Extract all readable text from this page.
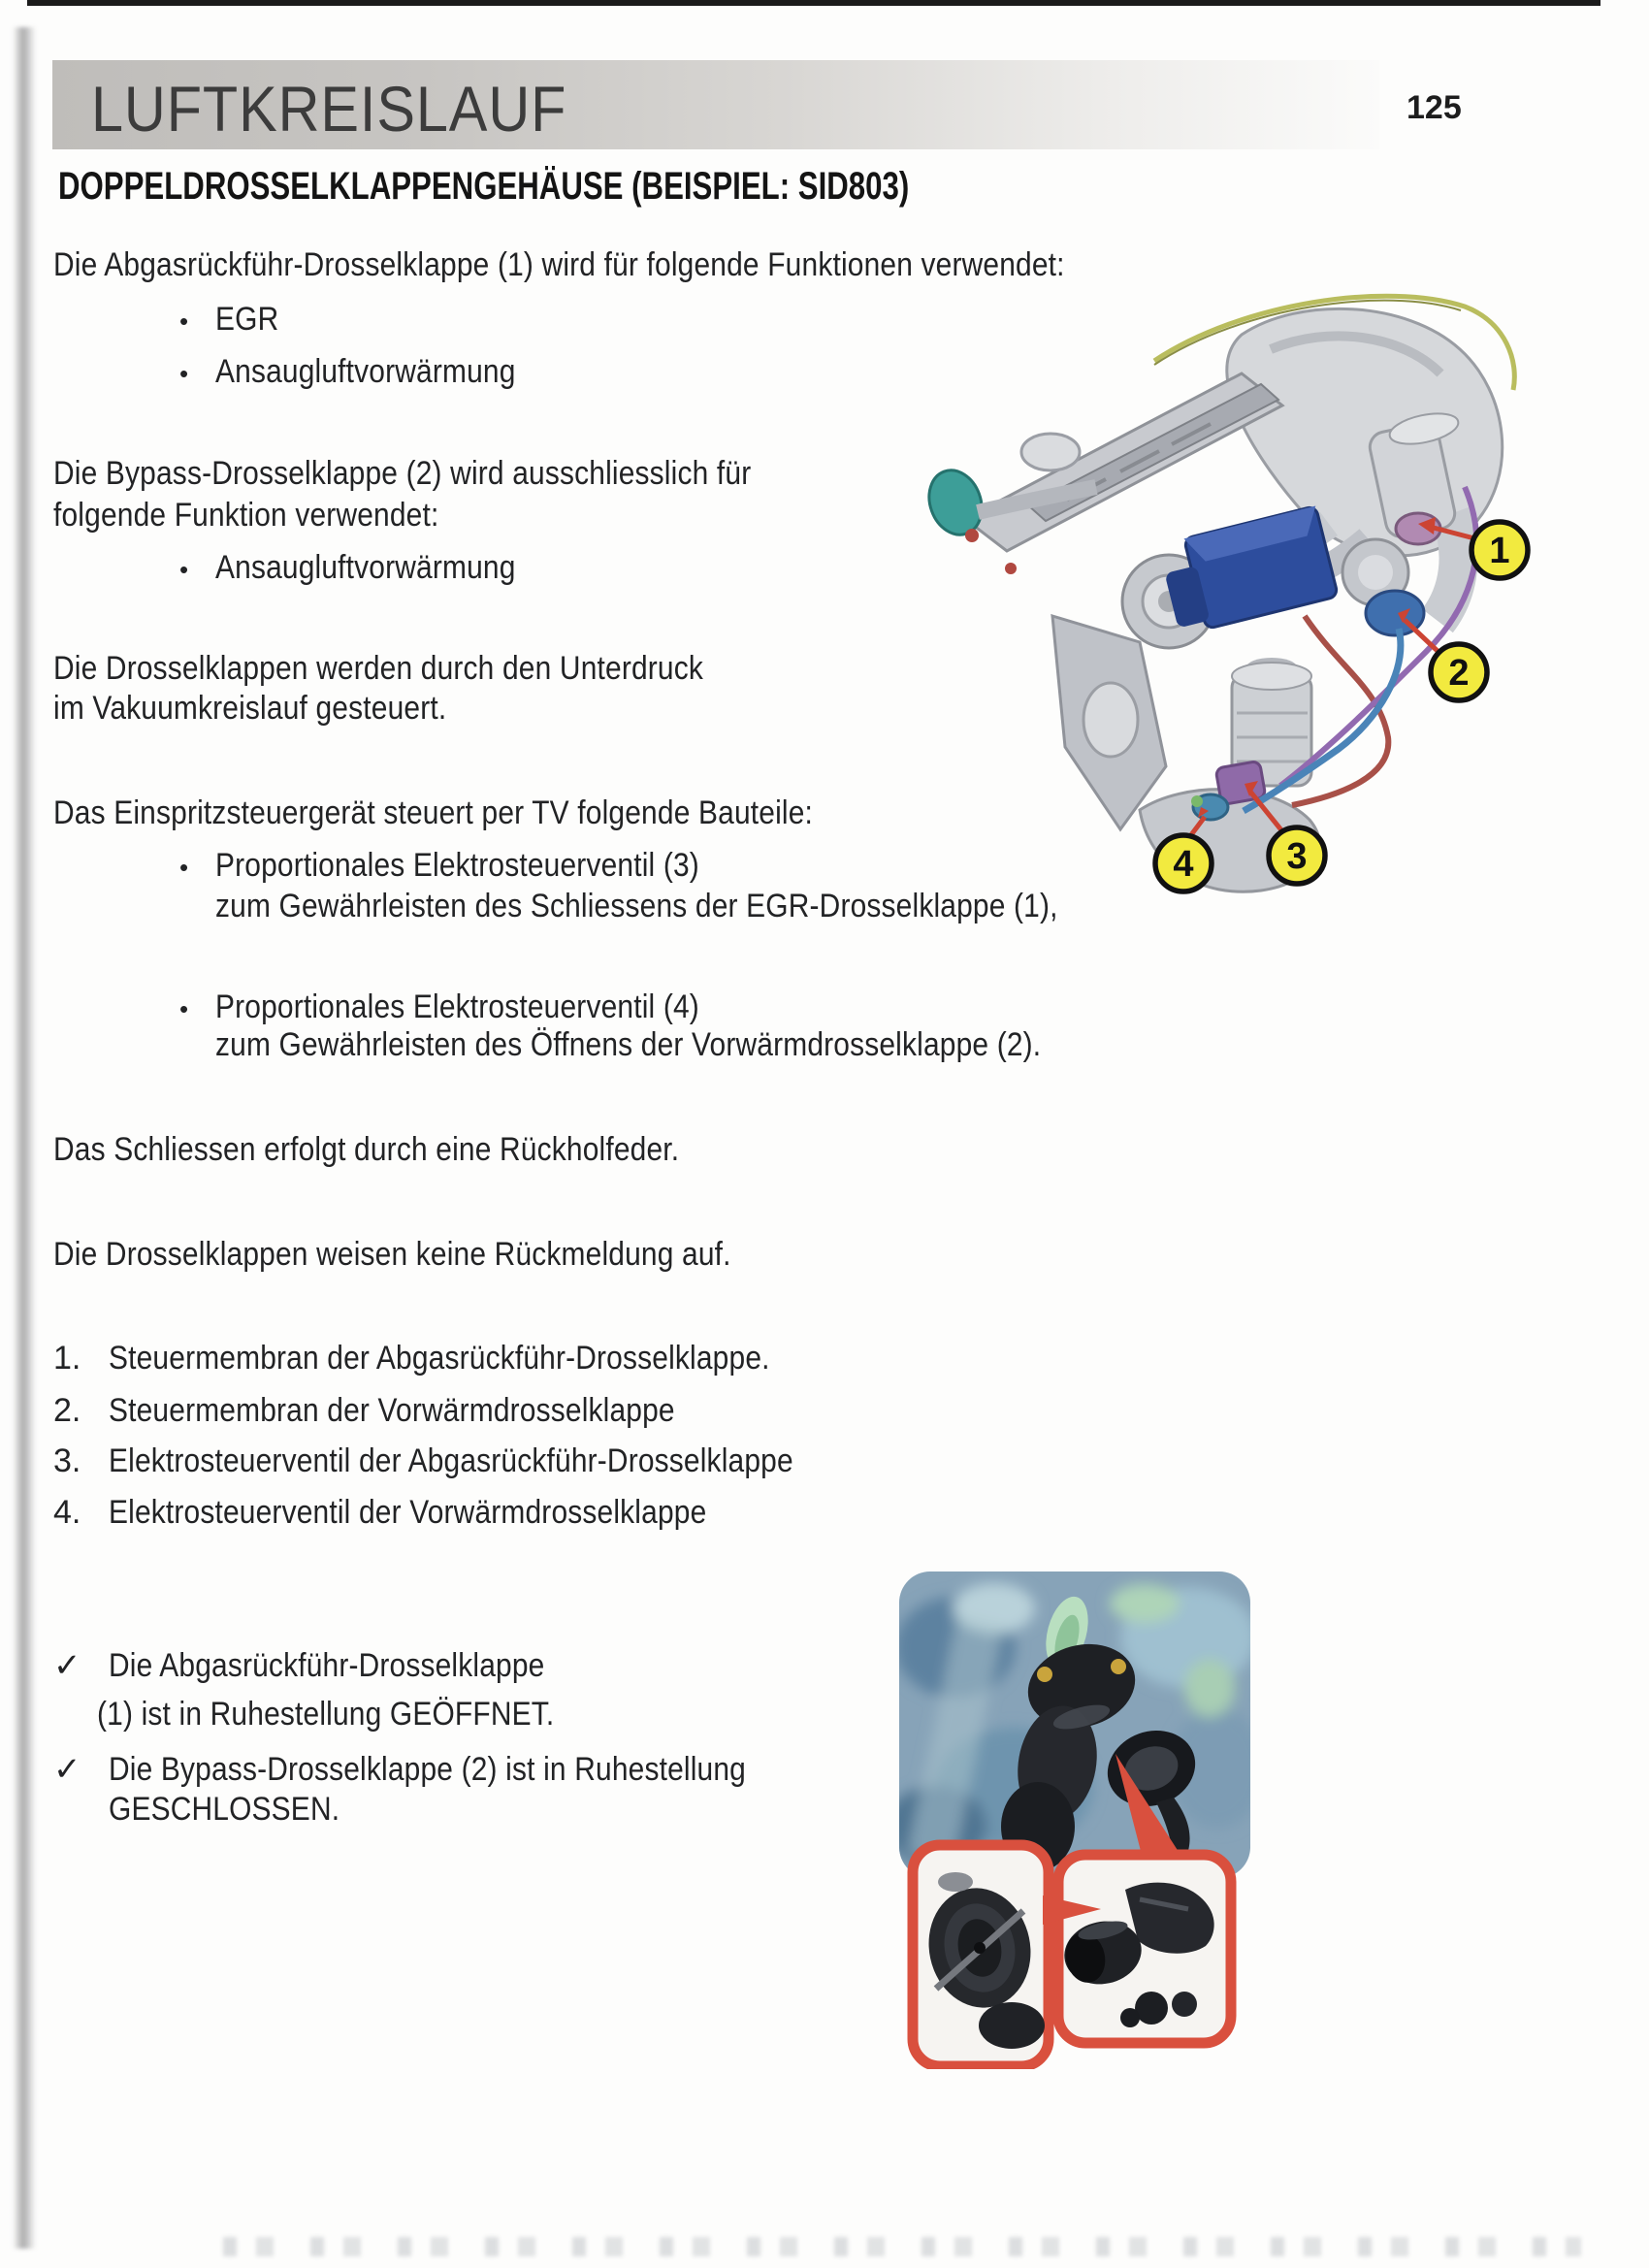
LUFTKREISLAUF	125
DOPPELDROSSELKLAPPENGEHÄUSE (BEISPIEL: SID803)
Die Abgasrückführ-Drosselklappe (1) wird für folgende Funktionen verwendet:
• EGR
• Ansaugluftvorwärmung
Die Bypass-Drosselklappe (2) wird ausschliesslich für
folgende Funktion verwendet:
• Ansaugluftvorwärmung
Die Drosselklappen werden durch den Unterdruck
im Vakuumkreislauf gesteuert.
Das Einspritzsteuergerät steuert per TV folgende Bauteile:
• Proportionales Elektrosteuerventil (3)
zum Gewährleisten des Schliessens der EGR-Drosselklappe (1),
• Proportionales Elektrosteuerventil (4)
zum Gewährleisten des Öffnens der Vorwärmdrosselklappe (2).
Das Schliessen erfolgt durch eine Rückholfeder.
Die Drosselklappen weisen keine Rückmeldung auf.
1. Steuermembran der Abgasrückführ-Drosselklappe.
2. Steuermembran der Vorwärmdrosselklappe
3. Elektrosteuerventil der Abgasrückführ-Drosselklappe
4. Elektrosteuerventil der Vorwärmdrosselklappe
✓ Die Abgasrückführ-Drosselklappe
(1) ist in Ruhestellung GEÖFFNET.
✓ Die Bypass-Drosselklappe (2) ist in Ruhestellung
GESCHLOSSEN.
1
2
3
4
